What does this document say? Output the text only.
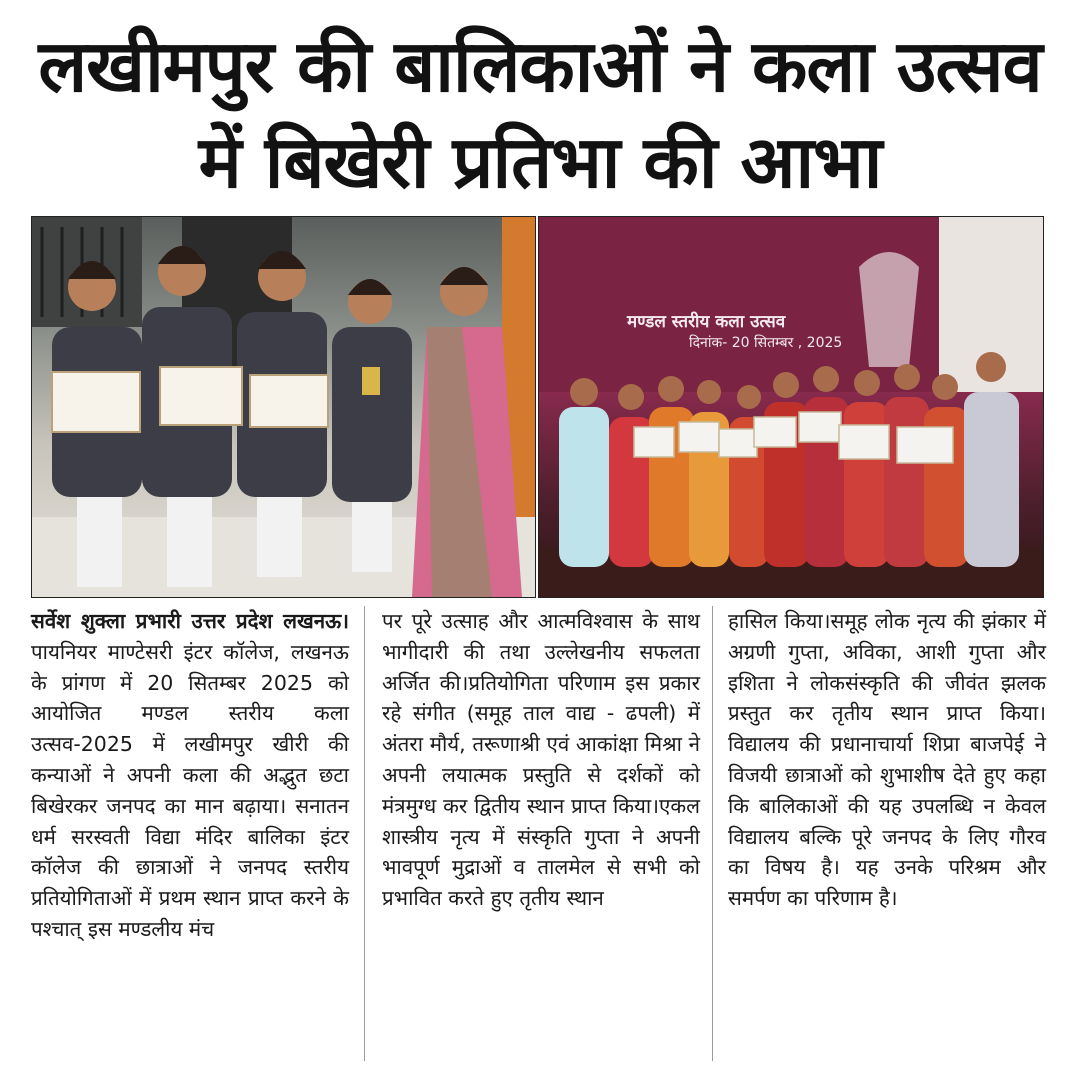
लखीमपुर की बालिकाओं ने कला उत्सव
में बिखेरी प्रतिभा की आभा
मण्डल स्तरीय कला उत्सव
दिनांक- 20 सितम्बर , 2025
सर्वेश शुक्ला प्रभारी उत्तर प्रदेश लखनऊ। पायनियर माण्टेसरी इंटर कॉलेज, लखनऊ के प्रांगण में 20 सितम्बर 2025 को आयोजित मण्डल स्तरीय कला उत्सव-2025 में लखीमपुर खीरी की कन्याओं ने अपनी कला की अद्भुत छटा बिखेरकर जनपद का मान बढ़ाया। सनातन धर्म सरस्वती विद्या मंदिर बालिका इंटर कॉलेज की छात्राओं ने जनपद स्तरीय प्रतियोगिताओं में प्रथम स्थान प्राप्त करने के पश्चात् इस मण्डलीय मंच
पर पूरे उत्साह और आत्मविश्वास के साथ भागीदारी की तथा उल्लेखनीय सफलता अर्जित की।प्रतियोगिता परिणाम इस प्रकार रहे संगीत (समूह ताल वाद्य - ढपली) में अंतरा मौर्य, तरूणाश्री एवं आकांक्षा मिश्रा ने अपनी लयात्मक प्रस्तुति से दर्शकों को मंत्रमुग्ध कर द्वितीय स्थान प्राप्त किया।एकल शास्त्रीय नृत्य में संस्कृति गुप्ता ने अपनी भावपूर्ण मुद्राओं व तालमेल से सभी को प्रभावित करते हुए तृतीय स्थान
हासिल किया।समूह लोक नृत्य की झंकार में अग्रणी गुप्ता, अविका, आशी गुप्ता और इशिता ने लोकसंस्कृति की जीवंत झलक प्रस्तुत कर तृतीय स्थान प्राप्त किया।विद्यालय की प्रधानाचार्या शिप्रा बाजपेई ने विजयी छात्राओं को शुभाशीष देते हुए कहा कि बालिकाओं की यह उपलब्धि न केवल विद्यालय बल्कि पूरे जनपद के लिए गौरव का विषय है। यह उनके परिश्रम और समर्पण का परिणाम है।
